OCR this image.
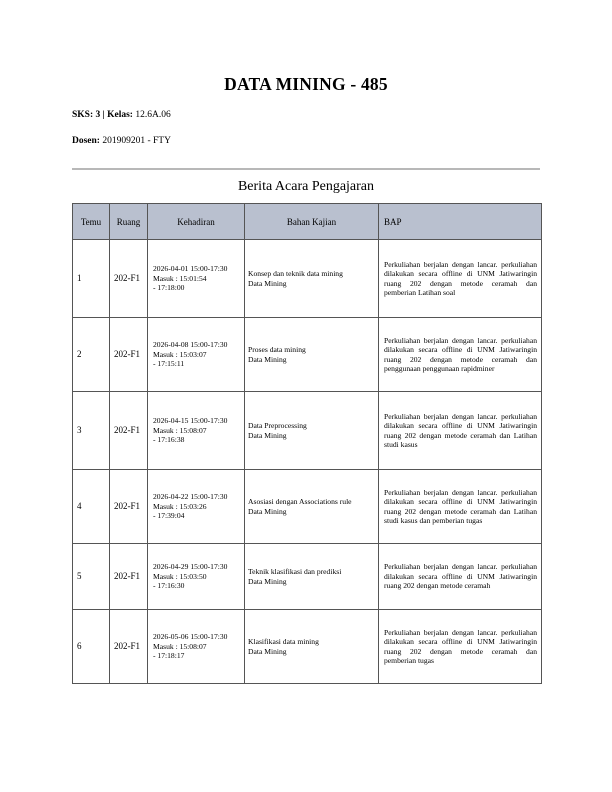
DATA MINING - 485
SKS: 3 | Kelas: 12.6A.06
Dosen: 201909201 - FTY
Berita Acara Pengajaran
Temu	Ruang	Kehadiran	Bahan Kajian	BAP
1	202-F1	2026-04-01 15:00-17:30
Masuk : 15:01:54
- 17:18:00	Konsep dan teknik data mining
Data Mining	Perkuliahan berjalan dengan lancar. perkuliahan dilakukan secara offline di UNM Jatiwaringin ruang 202 dengan metode ceramah dan pemberian Latihan soal
2	202-F1	2026-04-08 15:00-17:30
Masuk : 15:03:07
- 17:15:11	Proses data mining
Data Mining	Perkuliahan berjalan dengan lancar. perkuliahan dilakukan secara offline di UNM Jatiwaringin ruang 202 dengan metode ceramah dan penggunaan penggunaan rapidminer
3	202-F1	2026-04-15 15:00-17:30
Masuk : 15:08:07
- 17:16:38	Data Preprocessing
Data Mining	Perkuliahan berjalan dengan lancar. perkuliahan dilakukan secara offline di UNM Jatiwaringin ruang 202 dengan metode ceramah dan Latihan studi kasus
4	202-F1	2026-04-22 15:00-17:30
Masuk : 15:03:26
- 17:39:04	Asosiasi dengan Associations rule
Data Mining	Perkuliahan berjalan dengan lancar. perkuliahan dilakukan secara offline di UNM Jatiwaringin ruang 202 dengan metode ceramah dan Latihan studi kasus dan pemberian tugas
5	202-F1	2026-04-29 15:00-17:30
Masuk : 15:03:50
- 17:16:30	Teknik klasifikasi dan prediksi
Data Mining	Perkuliahan berjalan dengan lancar. perkuliahan dilakukan secara offline di UNM Jatiwaringin ruang 202 dengan metode ceramah
6	202-F1	2026-05-06 15:00-17:30
Masuk : 15:08:07
- 17:18:17	Klasifikasi data mining
Data Mining	Perkuliahan berjalan dengan lancar. perkuliahan dilakukan secara offline di UNM Jatiwaringin ruang 202 dengan metode ceramah dan pemberian tugas
